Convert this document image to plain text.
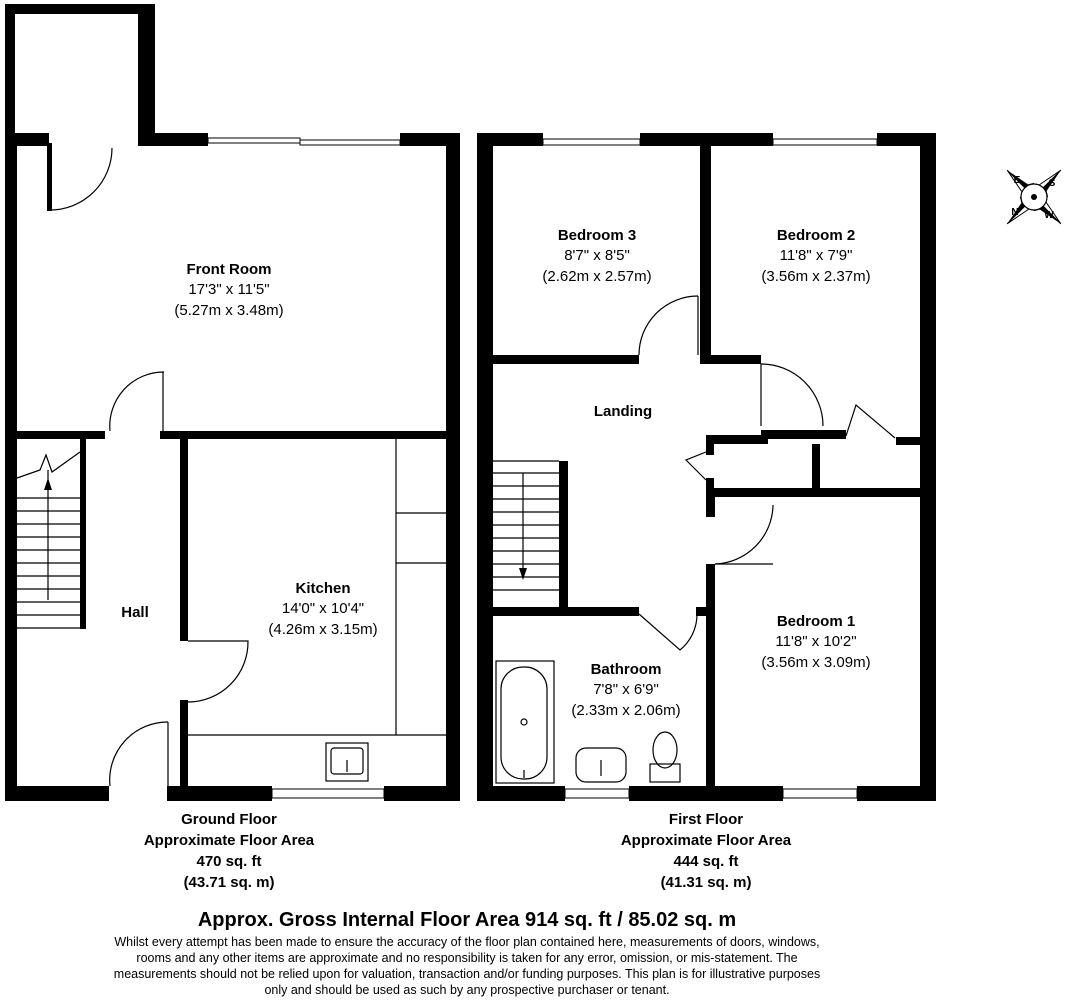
Front Room
17'3" x 11'5"
(5.27m x 3.48m)
Kitchen
14'0" x 10'4"
(4.26m x 3.15m)
Hall
Bedroom 3
8'7" x 8'5"
(2.62m x 2.57m)
Bedroom 2
11'8" x 7'9"
(3.56m x 2.37m)
Landing
Bedroom 1
11'8" x 10'2"
(3.56m x 3.09m)
Bathroom
7'8" x 6'9"
(2.33m x 2.06m)
E	S
W
N
Ground Floor
Approximate Floor Area
470 sq. ft
(43.71 sq. m)
First Floor
Approximate Floor Area
444 sq. ft
(41.31 sq. m)
Approx. Gross Internal Floor Area 914 sq. ft / 85.02 sq. m
Whilst every attempt has been made to ensure the accuracy of the floor plan contained here, measurements of doors, windows,
rooms and any other items are approximate and no responsibility is taken for any error, omission, or mis-statement. The
measurements should not be relied upon for valuation, transaction and/or funding purposes. This plan is for illustrative purposes
only and should be used as such by any prospective purchaser or tenant.
